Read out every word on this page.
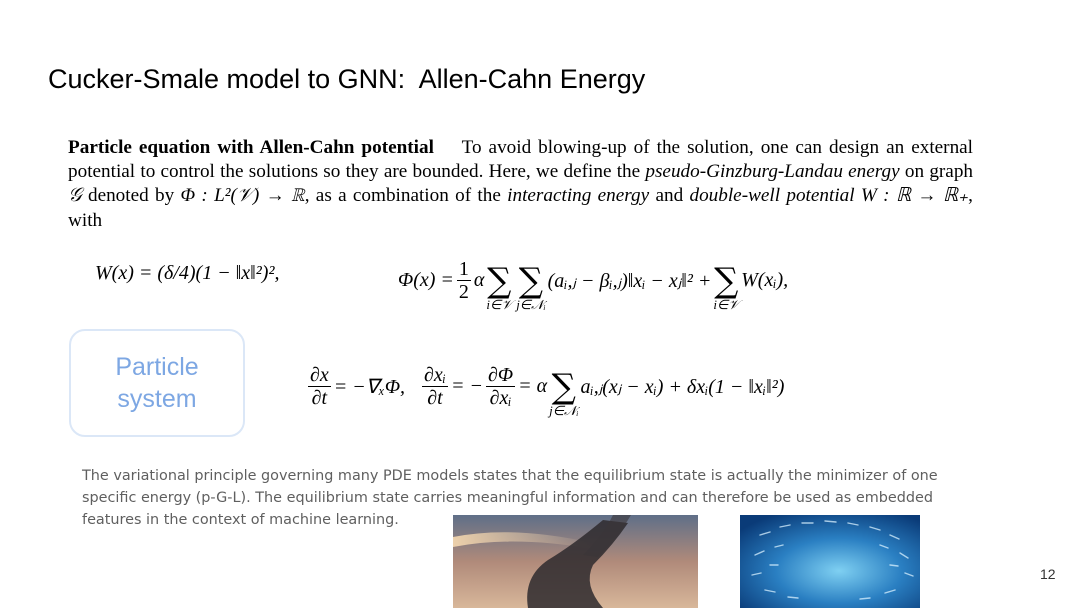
Cucker-Smale model to GNN:  Allen-Cahn Energy
Particle equation with Allen-Cahn potential To avoid blowing-up of the solution, one can design an external potential to control the solutions so they are bounded. Here, we define the pseudo-Ginzburg-Landau energy on graph 𝒢 denoted by Φ : L²(𝒱) → ℝ, as a combination of the interacting energy and double-well potential W : ℝ → ℝ₊, with
W(x) = (δ/4)(1 − ‖x‖²)²,	$\Phi(x) = \frac{1}{2}$ α ∑
i∈𝒱
∑
j∈𝒩ᵢ
(aᵢ,ⱼ − βᵢ,ⱼ)‖xᵢ − xⱼ‖² + ∑
i∈𝒱
W(xᵢ),
Particle
system	$\frac{\partial x}{\partial t} = -\nabla_x\Phi$, $\frac{\text{∂xᵢ}}{\partial t}$ = − $\frac{\partial\Phi}{\text{∂xᵢ}} = \alpha$ ∑
j∈𝒩ᵢ
aᵢ,ⱼ(xⱼ − xᵢ) + δxᵢ(1 − ‖xᵢ‖²)
The variational principle governing many PDE models states that the equilibrium state is actually the minimizer of one specific energy (p-G-L). The equilibrium state carries meaningful information and can therefore be used as embedded features in the context of machine learning.
12
